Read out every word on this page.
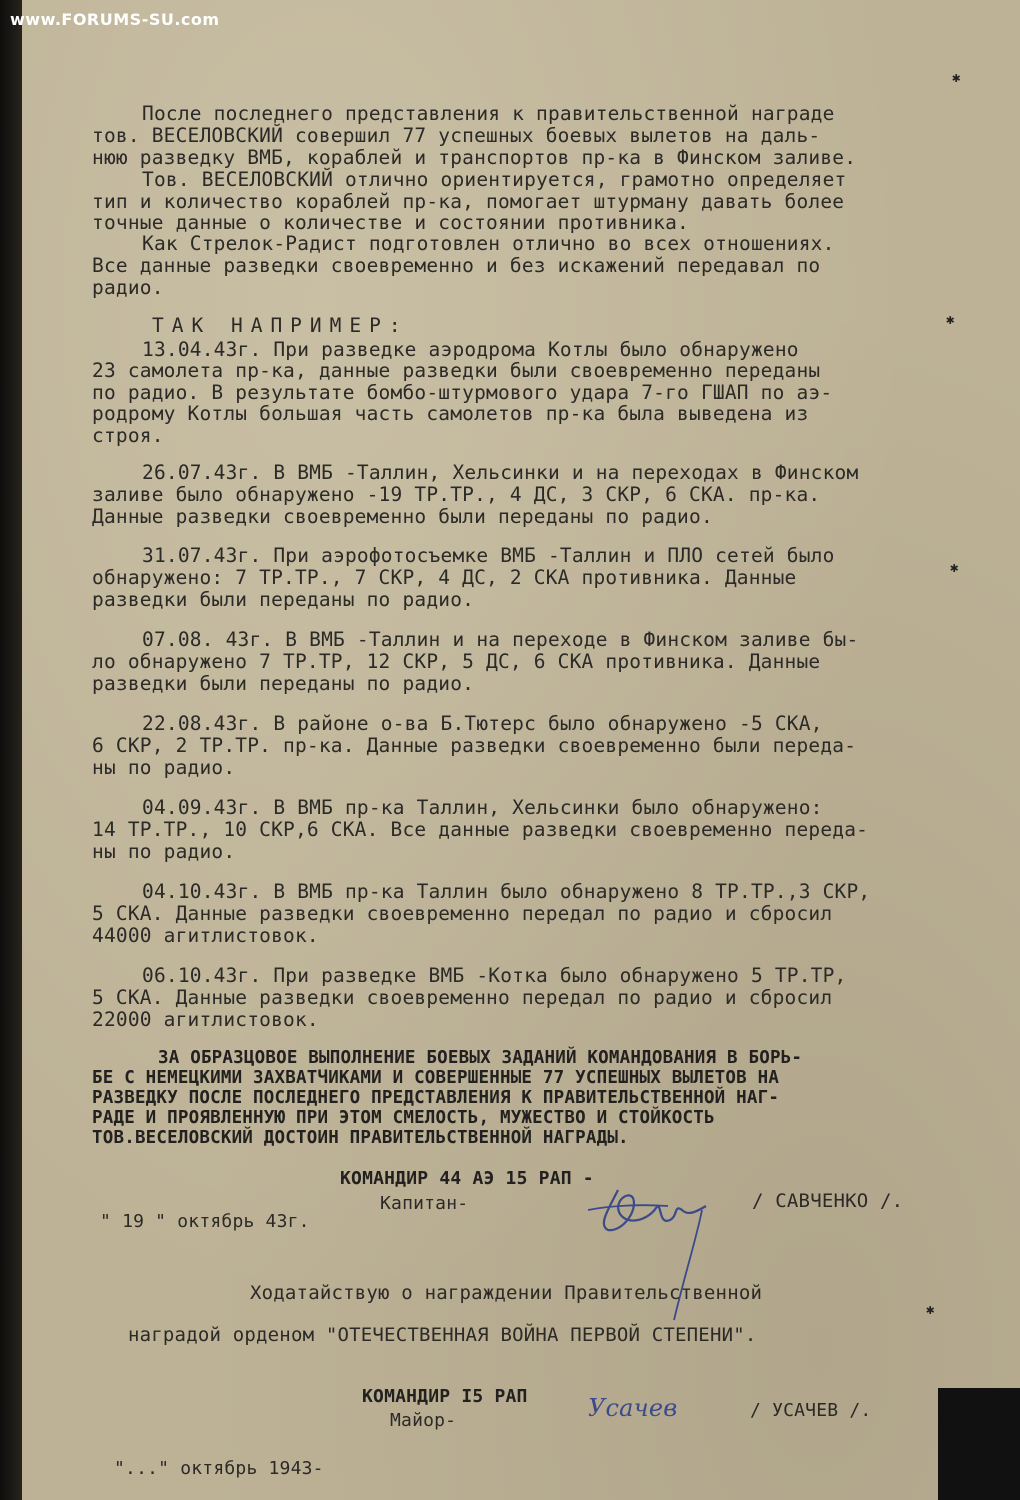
www.FORUMS-SU.com
После последнего представления к правительственной награде
тов. ВЕСЕЛОВСКИЙ совершил 77 успешных боевых вылетов на даль-
нюю разведку ВМБ, кораблей и транспортов пр-ка в Финском заливе.
Тов. ВЕСЕЛОВСКИЙ отлично ориентируется, грамотно определяет
тип и количество кораблей пр-ка, помогает штурману давать более
точные данные о количестве и состоянии противника.
Как Стрелок-Радист подготовлен отлично во всех отношениях.
Все данные разведки своевременно и без искажений передавал по
радио.
ТАК НАПРИМЕР:
13.04.43г. При разведке аэродрома Котлы было обнаружено
23 самолета пр-ка, данные разведки были своевременно переданы
по радио. В результате бомбо-штурмового удара 7-го ГШАП по аэ-
родрому Котлы большая часть самолетов пр-ка была выведена из
строя.
26.07.43г. В ВМБ -Таллин, Хельсинки и на переходах в Финском
заливе было обнаружено -19 ТР.ТР., 4 ДС, 3 СКР, 6 СКА. пр-ка.
Данные разведки своевременно были переданы по радио.
31.07.43г. При аэрофотосъемке ВМБ -Таллин и ПЛО сетей было
обнаружено: 7 ТР.ТР., 7 СКР, 4 ДС, 2 СКА противника. Данные
разведки были переданы по радио.
07.08. 43г. В ВМБ -Таллин и на переходе в Финском заливе бы-
ло обнаружено 7 ТР.ТР, 12 СКР, 5 ДС, 6 СКА противника. Данные
разведки были переданы по радио.
22.08.43г. В районе о-ва Б.Тютерс было обнаружено -5 СКА,
6 СКР, 2 ТР.ТР. пр-ка. Данные разведки своевременно были переда-
ны по радио.
04.09.43г. В ВМБ пр-ка Таллин, Хельсинки было обнаружено:
14 ТР.ТР., 10 СКР,6 СКА. Все данные разведки своевременно переда-
ны по радио.
04.10.43г. В ВМБ пр-ка Таллин было обнаружено 8 ТР.ТР.,3 СКР,
5 СКА. Данные разведки своевременно передал по радио и сбросил
44000 агитлистовок.
06.10.43г. При разведке ВМБ -Котка было обнаружено 5 ТР.ТР,
5 СКА. Данные разведки своевременно передал по радио и сбросил
22000 агитлистовок.
ЗА ОБРАЗЦОВОЕ ВЫПОЛНЕНИЕ БОЕВЫХ ЗАДАНИЙ КОМАНДОВАНИЯ В БОРЬ-
БЕ С НЕМЕЦКИМИ ЗАХВАТЧИКАМИ И СОВЕРШЕННЫЕ 77 УСПЕШНЫХ ВЫЛЕТОВ НА
РАЗВЕДКУ ПОСЛЕ ПОСЛЕДНЕГО ПРЕДСТАВЛЕНИЯ К ПРАВИТЕЛЬСТВЕННОЙ НАГ-
РАДЕ И ПРОЯВЛЕННУЮ ПРИ ЭТОМ СМЕЛОСТЬ, МУЖЕСТВО И СТОЙКОСТЬ
ТОВ.ВЕСЕЛОВСКИЙ ДОСТОИН ПРАВИТЕЛЬСТВЕННОЙ НАГРАДЫ.
КОМАНДИР 44 АЭ 15 РАП -
Капитан-	/ САВЧЕНКО /.
" 19 " октябрь 43г.
Ходатайствую о награждении Правительственной
наградой орденом "ОТЕЧЕСТВЕННАЯ ВОЙНА ПЕРВОЙ СТЕПЕНИ".
КОМАНДИР I5 РАП
Майор-	Усачев	/ УСАЧЕВ /.
"..." октябрь 1943-
✱
✱
✱
✱
